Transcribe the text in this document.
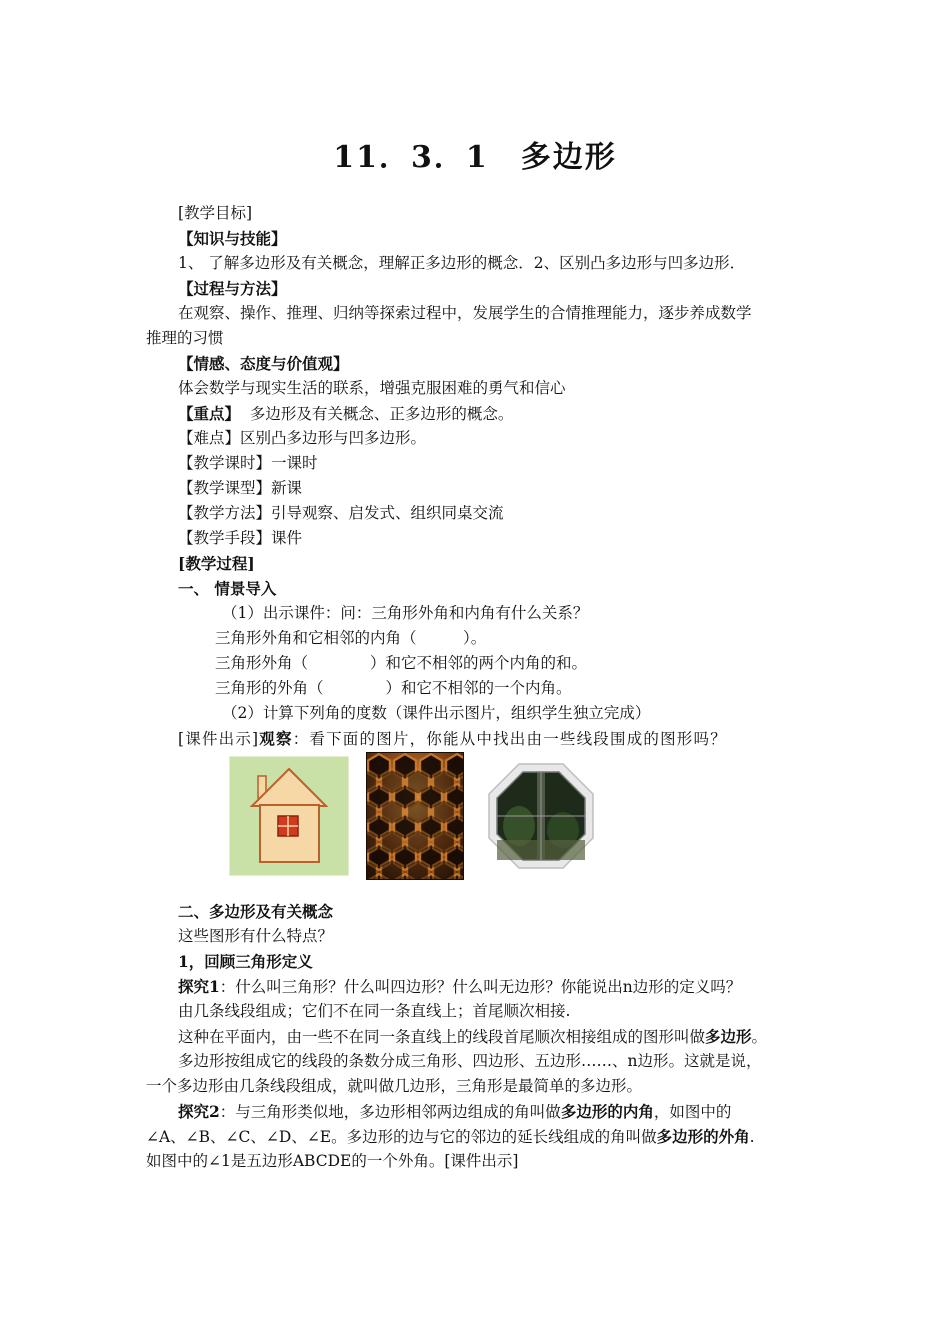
11．3．1　多边形
[教学目标]
【知识与技能】
1、 了解多边形及有关概念，理解正多边形的概念．2、区别凸多边形与凹多边形．
【过程与方法】
在观察、操作、推理、归纳等探索过程中，发展学生的合情推理能力，逐步养成数学
推理的习惯
【情感、态度与价值观】
体会数学与现实生活的联系，增强克服困难的勇气和信心
【重点】 多边形及有关概念、正多边形的概念。
【难点】区别凸多边形与凹多边形。
【教学课时】一课时
【教学课型】新课
【教学方法】引导观察、启发式、组织同桌交流
【教学手段】课件
[教学过程]
一、 情景导入
（1）出示课件：问：三角形外角和内角有什么关系？
三角形外角和它相邻的内角（　　　）。
三角形外角（　　　　）和它不相邻的两个内角的和。
三角形的外角（　　　　）和它不相邻的一个内角。
（2）计算下列角的度数（课件出示图片，组织学生独立完成）
[课件出示]观察：看下面的图片，你能从中找出由一些线段围成的图形吗？
二、多边形及有关概念
这些图形有什么特点？
1，回顾三角形定义
探究1：什么叫三角形？什么叫四边形？什么叫无边形？你能说出n边形的定义吗？
由几条线段组成；它们不在同一条直线上；首尾顺次相接.
这种在平面内，由一些不在同一条直线上的线段首尾顺次相接组成的图形叫做多边形。
多边形按组成它的线段的条数分成三角形、四边形、五边形……、n边形。这就是说，
一个多边形由几条线段组成，就叫做几边形，三角形是最简单的多边形。
探究2：与三角形类似地，多边形相邻两边组成的角叫做多边形的内角，如图中的
∠A、∠B、∠C、∠D、∠E。多边形的边与它的邻边的延长线组成的角叫做多边形的外角.
如图中的∠1是五边形ABCDE的一个外角。[课件出示]
